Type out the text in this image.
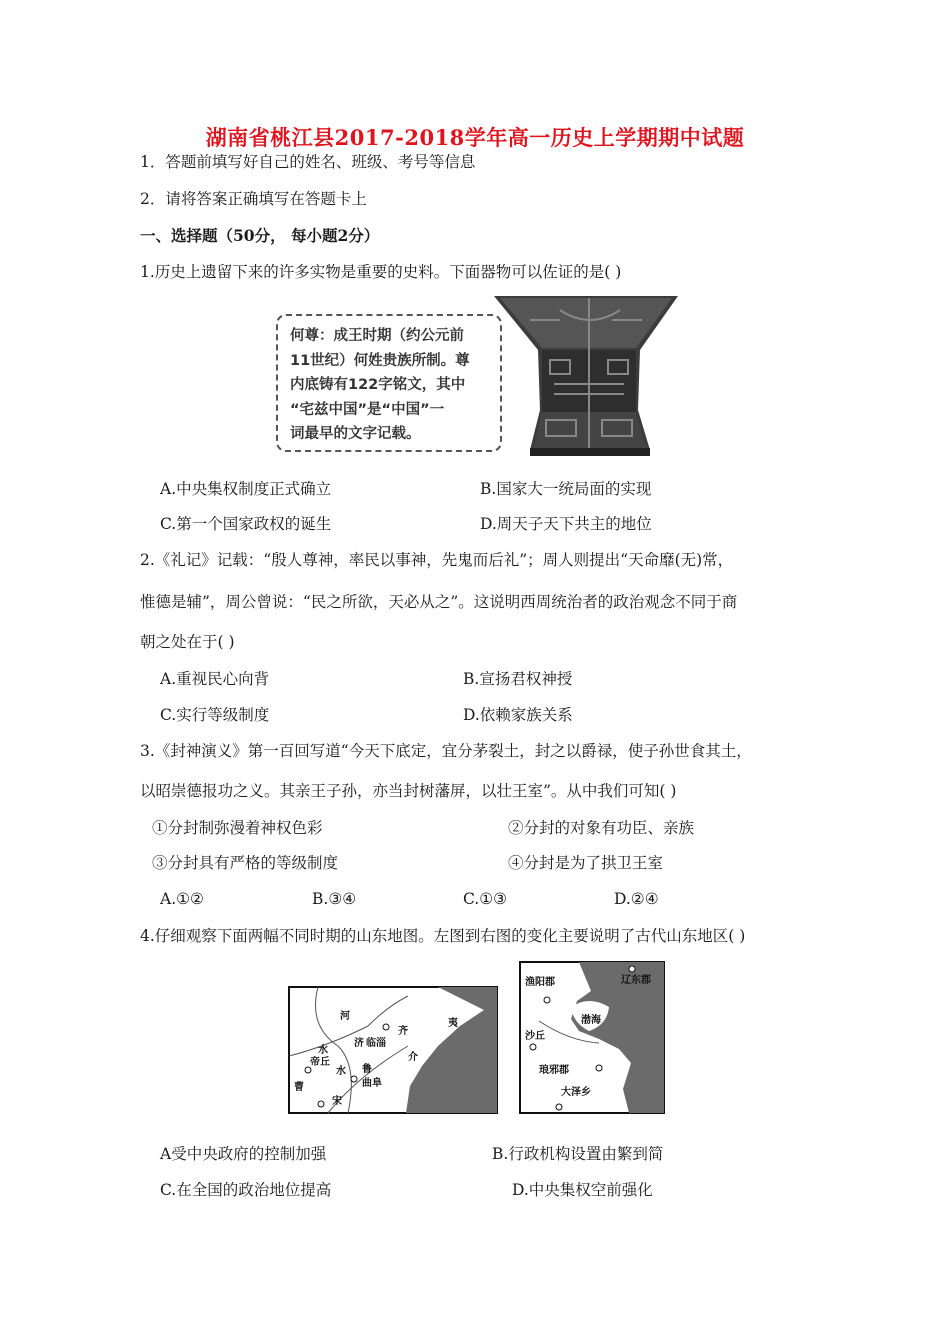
湖南省桃江县2017-2018学年高一历史上学期期中试题
1．答题前填写好自己的姓名、班级、考号等信息
2．请将答案正确填写在答题卡上
一、选择题（50分， 每小题2分）
1.历史上遗留下来的许多实物是重要的史料。下面器物可以佐证的是( )
何尊：成王时期（约公元前
11世纪）何姓贵族所制。尊
内底铸有122字铭文，其中
“宅兹中国”是“中国”一
词最早的文字记载。
A.中央集权制度正式确立	B.国家大一统局面的实现
C.第一个国家政权的诞生	D.周天子天下共主的地位
2.《礼记》记载：“殷人尊神，率民以事神，先鬼而后礼”；周人则提出“天命靡(无)常，
惟德是辅”，周公曾说：“民之所欲，天必从之”。这说明西周统治者的政治观念不同于商
朝之处在于( )
A.重视民心向背	B.宣扬君权神授
C.实行等级制度	D.依赖家族关系
3.《封神演义》第一百回写道“今天下底定，宜分茅裂土，封之以爵禄，使子孙世食其土，
以昭崇德报功之义。其亲王子孙，亦当封树藩屏，以壮王室”。从中我们可知( )
①分封制弥漫着神权色彩	②分封的对象有功臣、亲族
③分封具有严格的等级制度	④分封是为了拱卫王室
A.①②	B.③④	C.①③	D.②④
4.仔细观察下面两幅不同时期的山东地图。左图到右图的变化主要说明了古代山东地区( )
河
水
帝丘
济 临淄
齐
夷
介
鲁
曲阜
水
曹
宋
渔阳郡	辽东郡
渤海
沙丘
琅邪郡
大泽乡
A受中央政府的控制加强	B.行政机构设置由繁到简
C.在全国的政治地位提高	D.中央集权空前强化
